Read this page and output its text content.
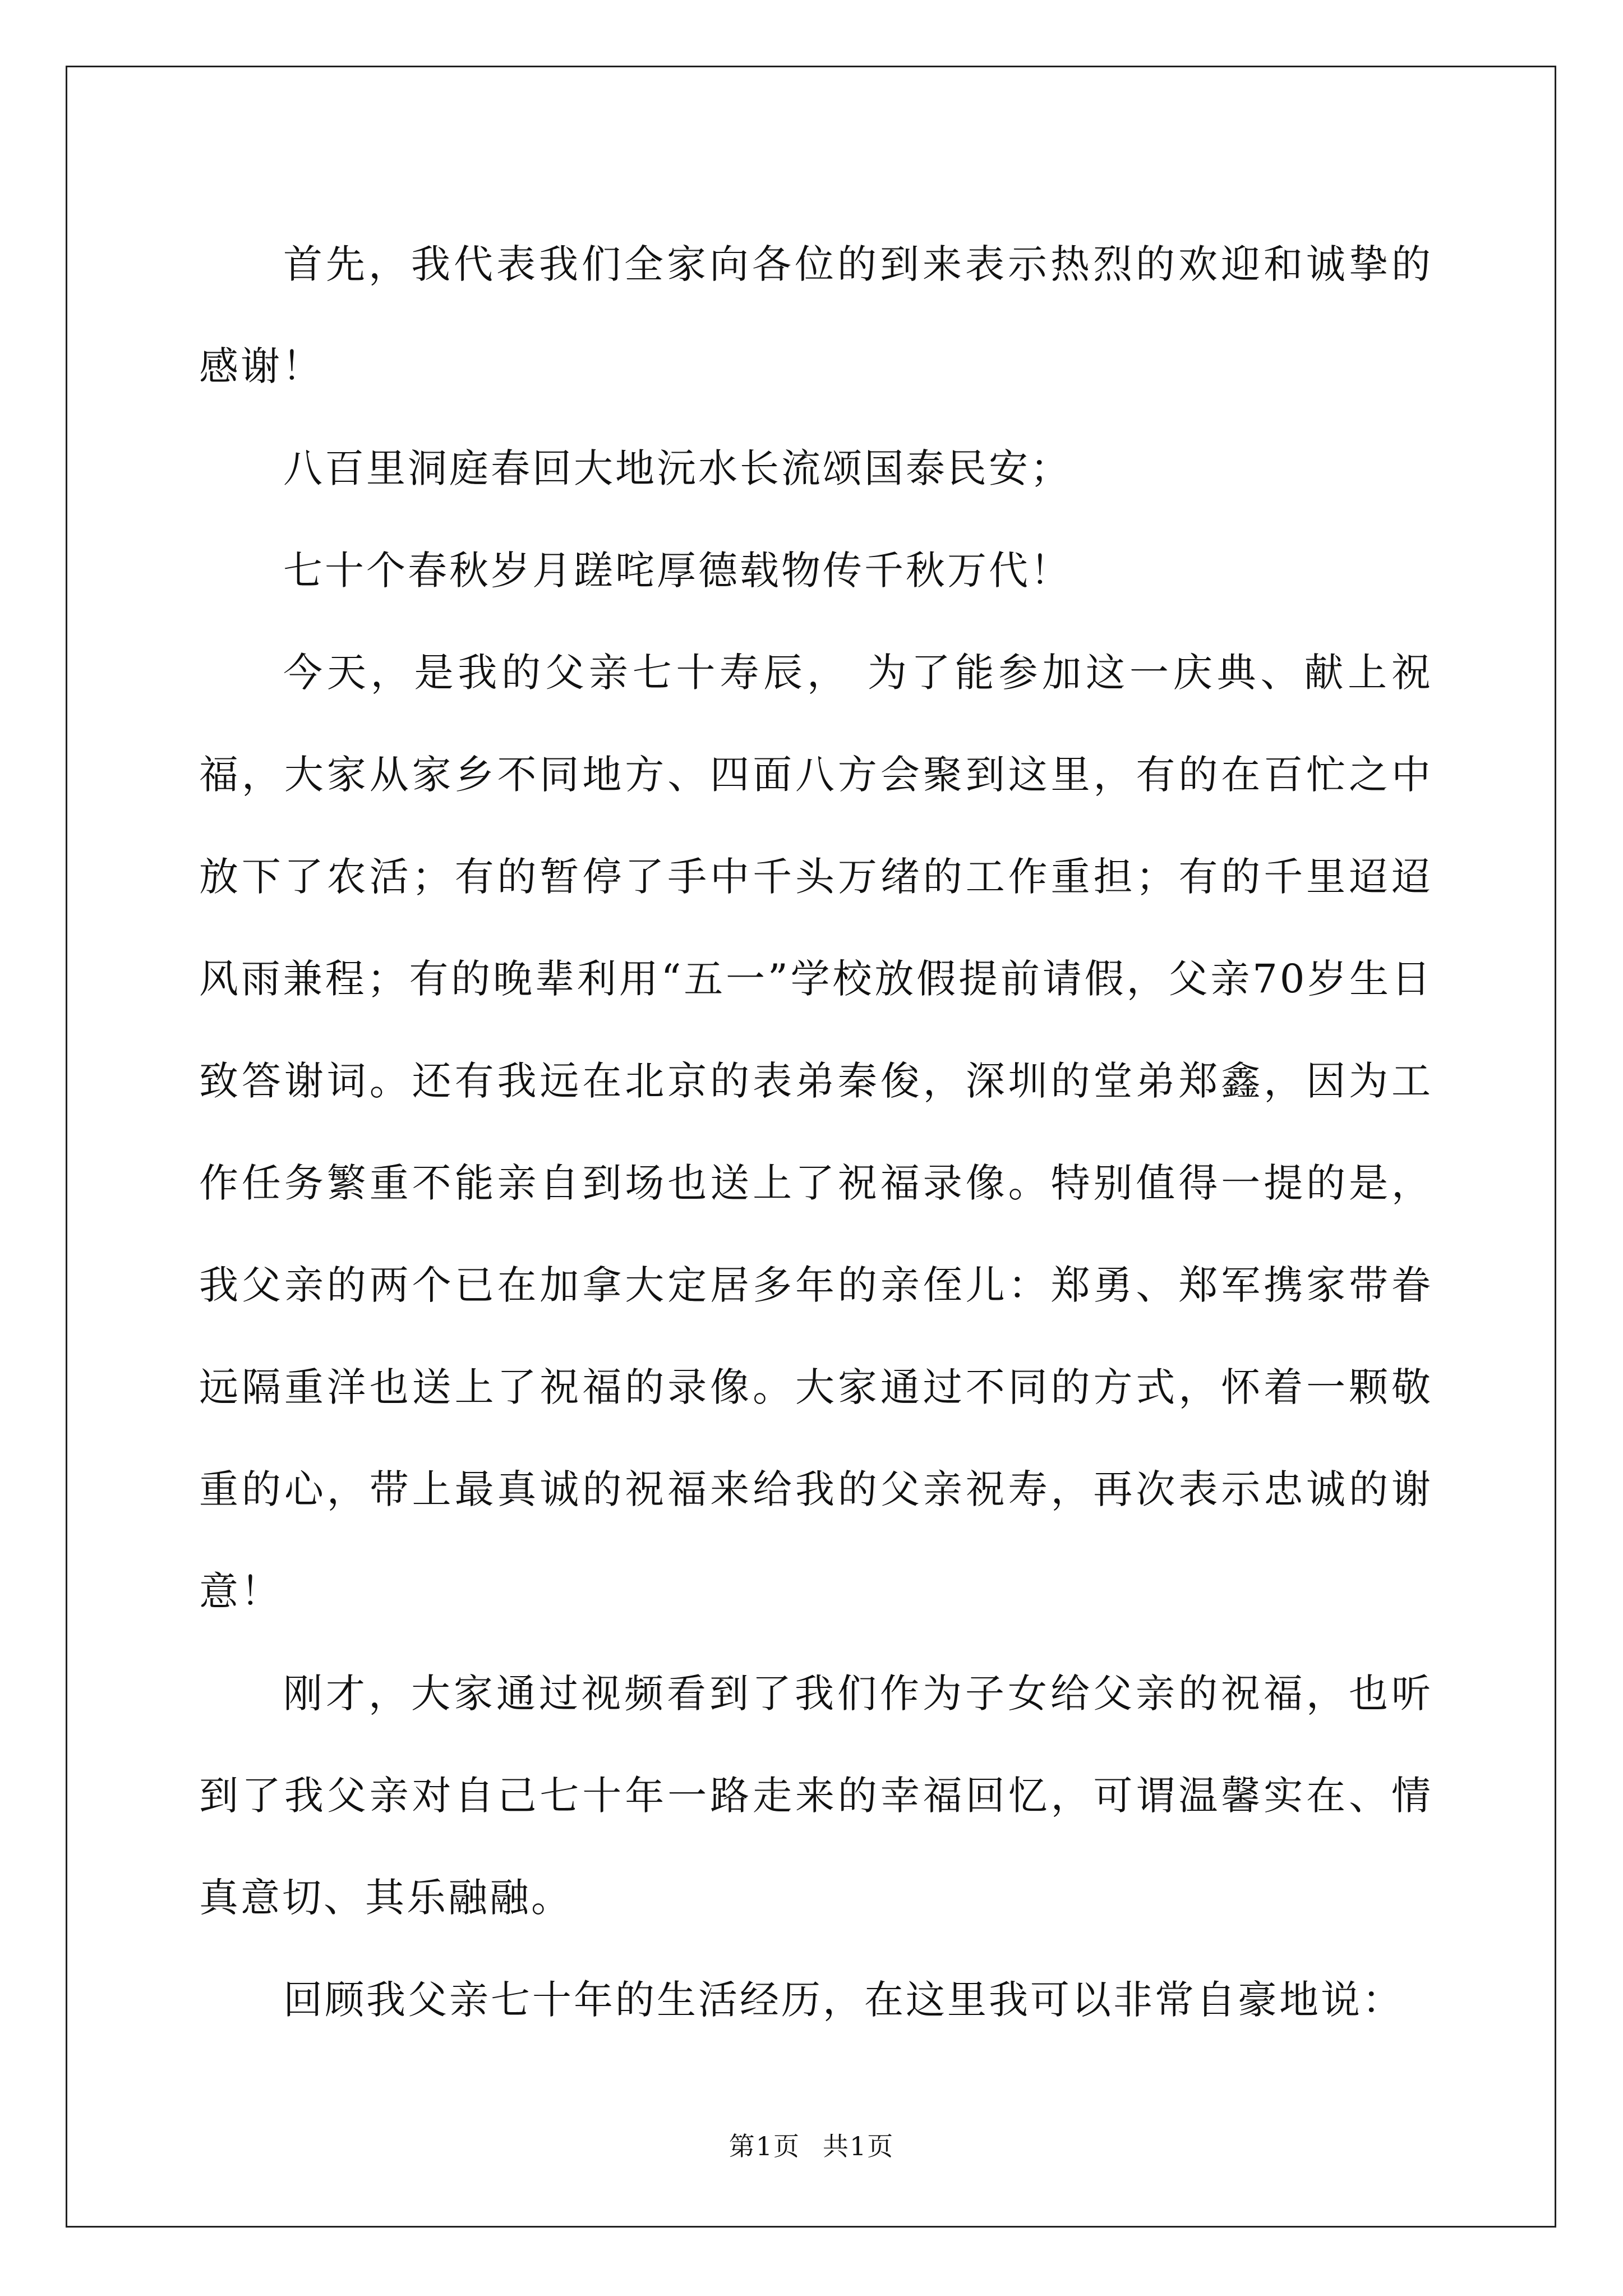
首先，我代表我们全家向各位的到来表示热烈的欢迎和诚挚的感谢！

八百里洞庭春回大地沅水长流颂国泰民安；

七十个春秋岁月蹉咤厚德载物传千秋万代！

今天，是我的父亲七十寿辰， 为了能参加这一庆典、献上祝福，大家从家乡不同地方、四面八方会聚到这里，有的在百忙之中放下了农活；有的暂停了手中千头万绪的工作重担；有的千里迢迢风雨兼程；有的晚辈利用“五一”学校放假提前请假，父亲70岁生日致答谢词。还有我远在北京的表弟秦俊，深圳的堂弟郑鑫，因为工作任务繁重不能亲自到场也送上了祝福录像。特别值得一提的是，我父亲的两个已在加拿大定居多年的亲侄儿：郑勇、郑军携家带眷远隔重洋也送上了祝福的录像。大家通过不同的方式，怀着一颗敬重的心，带上最真诚的祝福来给我的父亲祝寿，再次表示忠诚的谢意！

刚才，大家通过视频看到了我们作为子女给父亲的祝福，也听到了我父亲对自己七十年一路走来的幸福回忆，可谓温馨实在、情真意切、其乐融融。

回顾我父亲七十年的生活经历，在这里我可以非常自豪地说：

第1页 共1页
